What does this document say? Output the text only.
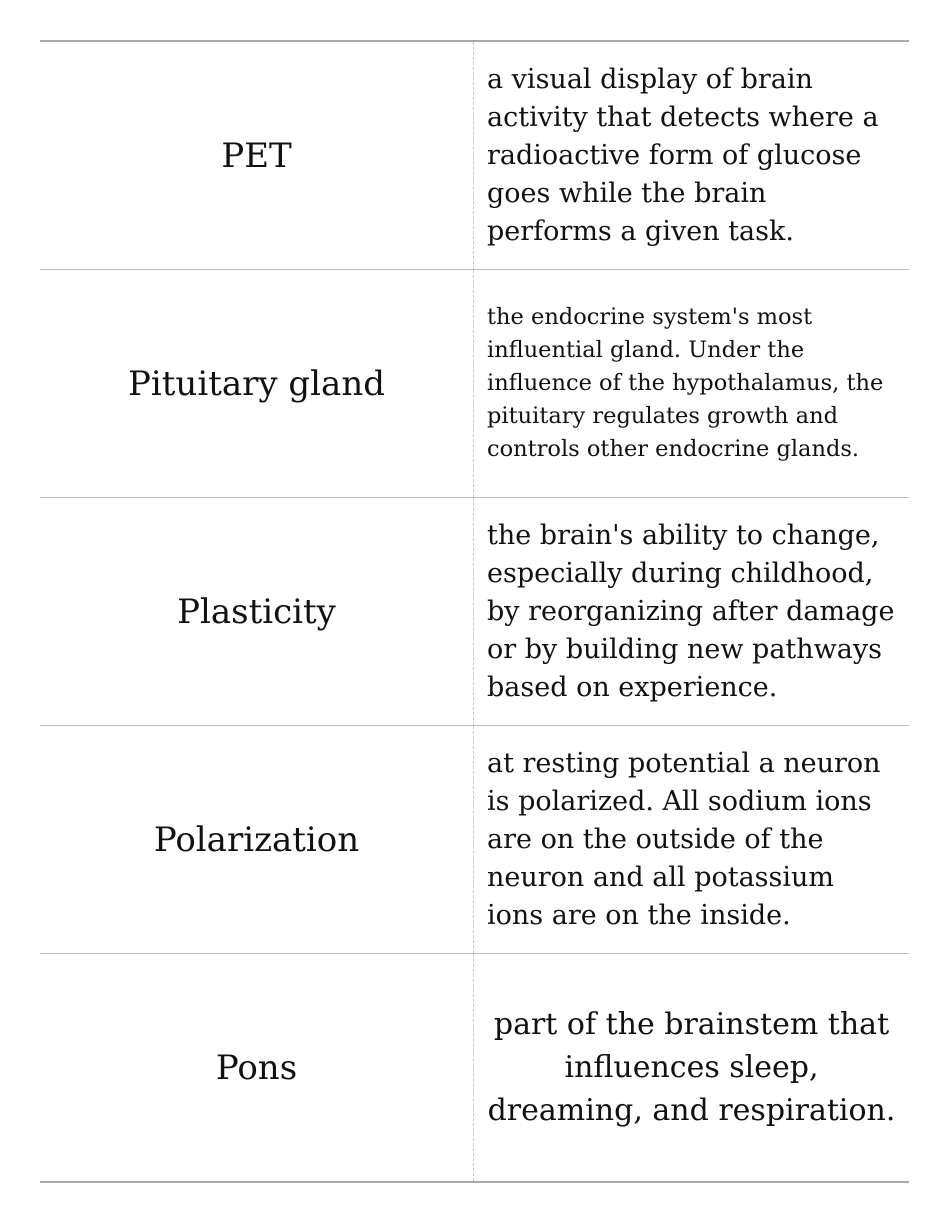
PET
a visual display of brain activity that detects where a radioactive form of glucose goes while the brain performs a given task.
Pituitary gland
the endocrine system's most influential gland. Under the influence of the hypothalamus, the pituitary regulates growth and controls other endocrine glands.
Plasticity
the brain's ability to change, especially during childhood, by reorganizing after damage or by building new pathways based on experience.
Polarization
at resting potential a neuron is polarized. All sodium ions are on the outside of the neuron and all potassium ions are on the inside.
Pons
part of the brainstem that influences sleep, dreaming, and respiration.
